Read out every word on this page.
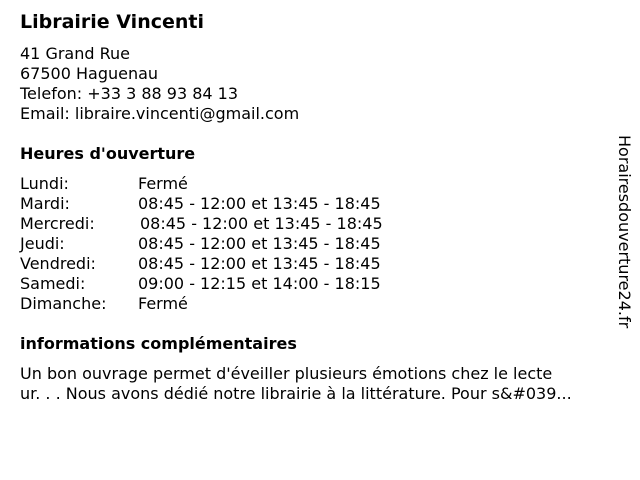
Librairie Vincenti
41 Grand Rue
67500 Haguenau
Telefon: +33 3 88 93 84 13
Email: libraire.vincenti@gmail.com
Heures d'ouverture
Lundi:	Fermé
Mardi:	08:45 - 12:00 et 13:45 - 18:45
Mercredi:	08:45 - 12:00 et 13:45 - 18:45
Jeudi:	08:45 - 12:00 et 13:45 - 18:45
Vendredi:	08:45 - 12:00 et 13:45 - 18:45
Samedi:	09:00 - 12:15 et 14:00 - 18:15
Dimanche: Fermé
informations complémentaires
Un bon ouvrage permet d'éveiller plusieurs émotions chez le lecte
ur. . . Nous avons dédié notre librairie à la littérature. Pour s&#039...
Horairesdouverture24.fr
